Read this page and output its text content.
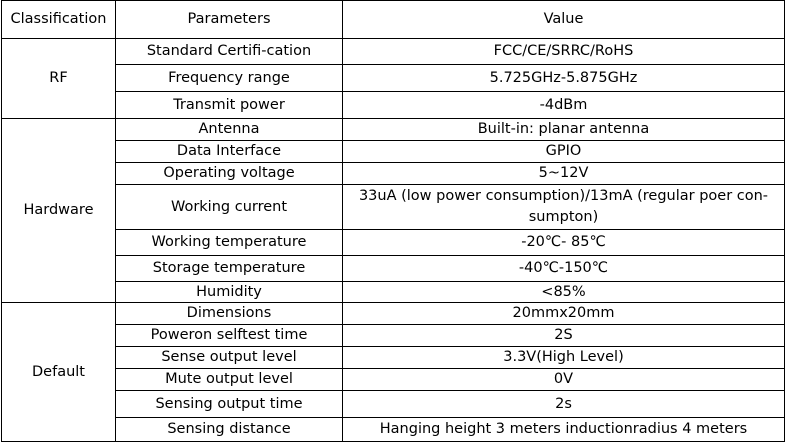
Classification	Parameters	Value
RF	Standard Certifi-cation	FCC/CE/SRRC/RoHS
	Frequency range	5.725GHz-5.875GHz
	Transmit power	-4dBm
Hardware	Antenna	Built-in: planar antenna
	Data Interface	GPIO
	Operating voltage	5~12V
	Working current	33uA (low power consumption)/13mA (regular poer con-sumpton)
	Working temperature	-20℃- 85℃
	Storage temperature	-40℃-150℃
	Humidity	<85%
Default	Dimensions	20mmx20mm
	Poweron selftest time	2S
	Sense output level	3.3V(High Level)
	Mute output level	0V
	Sensing output time	2s
	Sensing distance	Hanging height 3 meters inductionradius 4 meters
